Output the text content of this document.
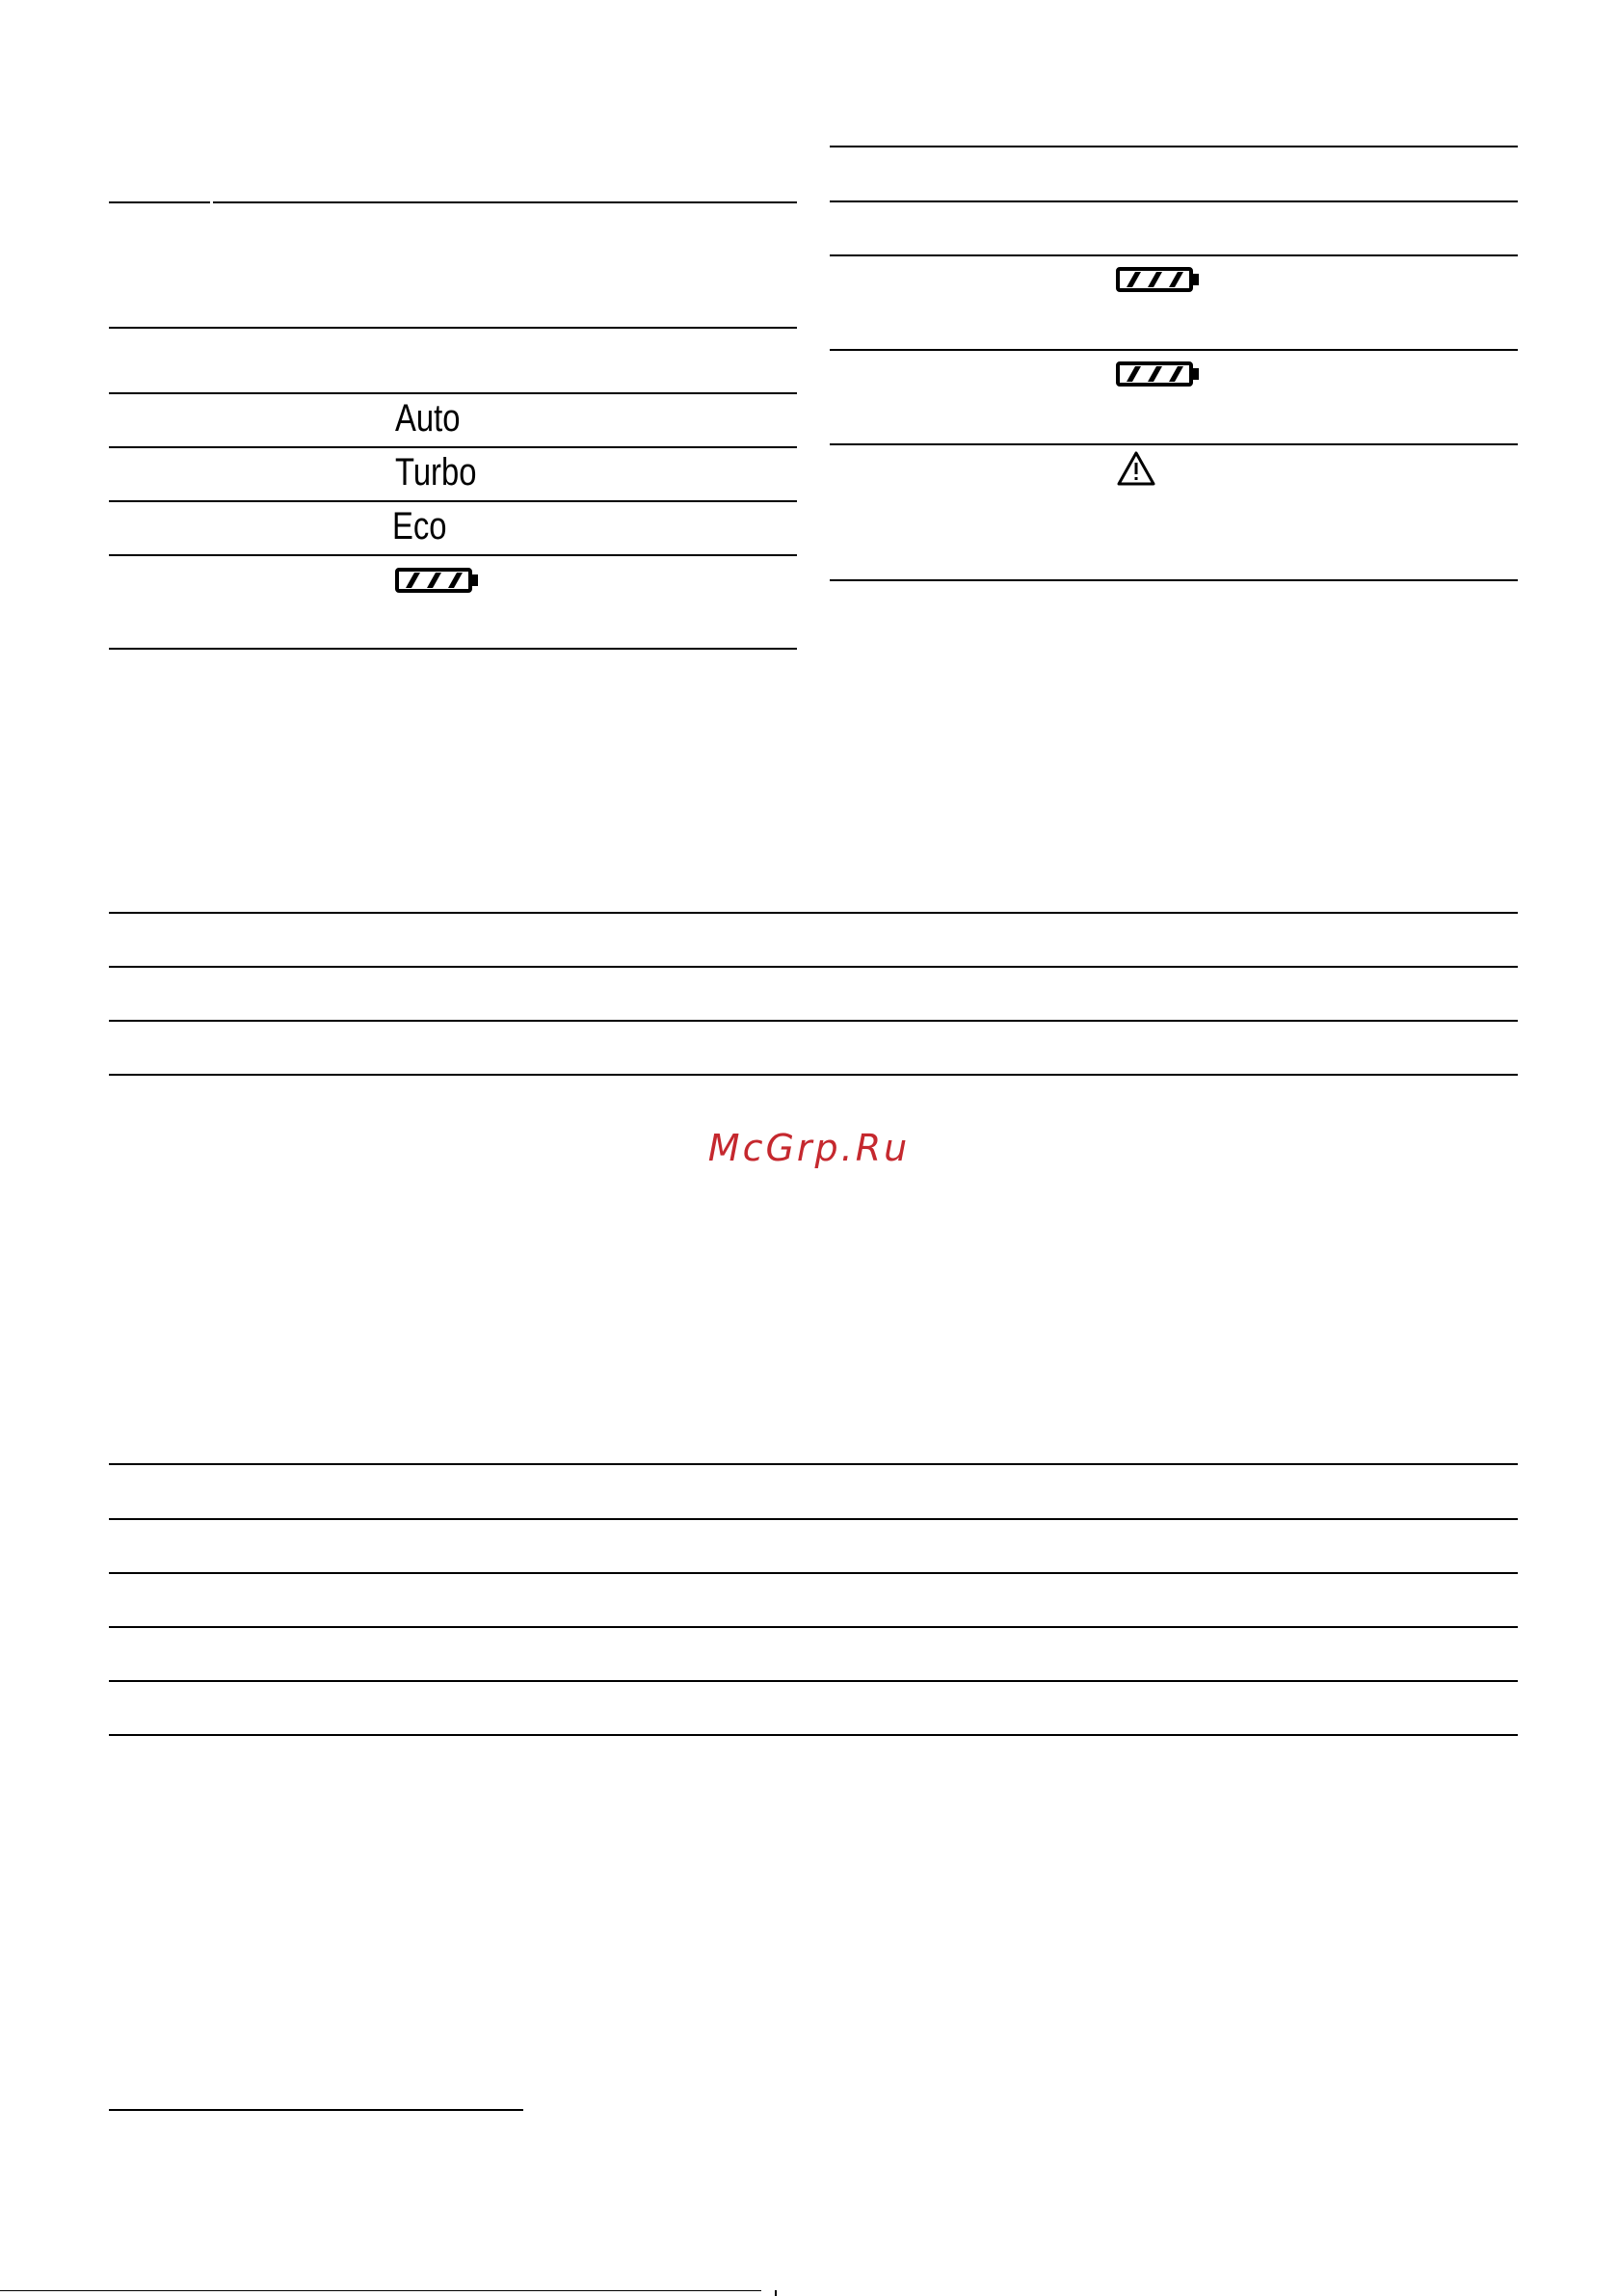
Auto
Turbo
Eco
McGrp.Ru
